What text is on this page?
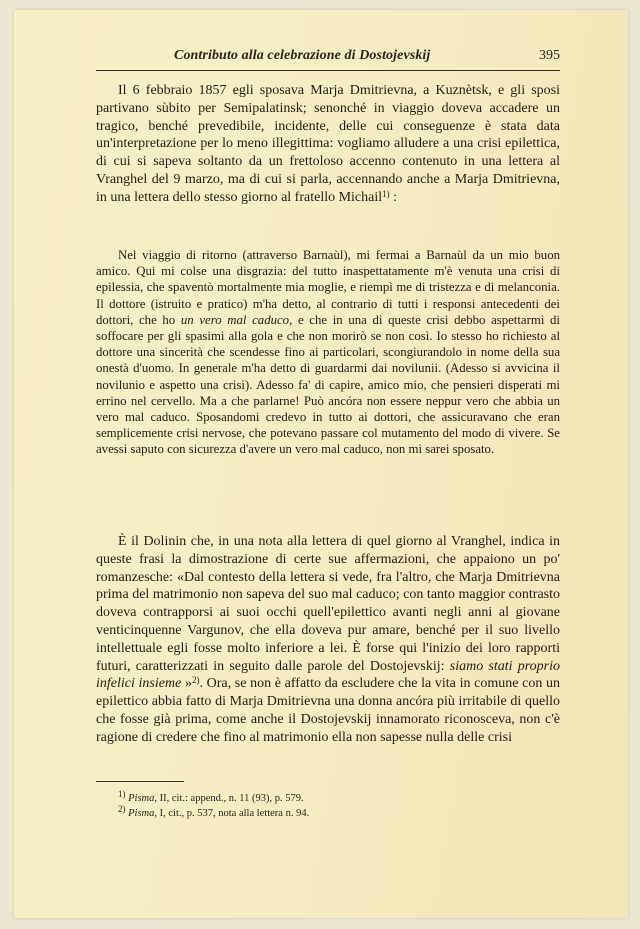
Contributo alla celebrazione di Dostojevskij	395
Il 6 febbraio 1857 egli sposava Marja Dmitrievna, a Kuznètsk, e gli sposi partivano sùbito per Semipalatinsk; senonché in viaggio doveva accadere un tragico, benché prevedibile, incidente, delle cui conseguenze è stata data un'interpretazione per lo meno illegittima: vogliamo alludere a una crisi epilettica, di cui si sapeva soltanto da un frettoloso accenno contenuto in una lettera al Vranghel del 9 marzo, ma di cui si parla, accennando anche a Marja Dmitrievna, in una lettera dello stesso giorno al fratello Michail$^{1)}$ :
Nel viaggio di ritorno (attraverso Barnaùl), mi fermai a Barnaùl da un mio buon amico. Qui mi colse una disgrazia: del tutto inaspettatamente m'è venuta una crisi di epilessia, che spaventò mortalmente mia moglie, e riempì me di tristezza e di melanconia. Il dottore (istruito e pratico) m'ha detto, al contrario di tutti i responsi antecedenti dei dottori, che ho un vero mal caduco, e che in una di queste crisi debbo aspettarmi di soffocare per gli spasimi alla gola e che non morirò se non così. Io stesso ho richiesto al dottore una sincerità che scendesse fino ai particolari, scongiurandolo in nome della sua onestà d'uomo. In generale m'ha detto di guardarmi dai novilunii. (Adesso si avvicina il novilunio e aspetto una crisi). Adesso fa' di capire, amico mio, che pensieri disperati mi errino nel cervello. Ma a che parlarne! Può ancóra non essere neppur vero che abbia un vero mal caduco. Sposandomi credevo in tutto ai dottori, che assicuravano che eran semplicemente crisi nervose, che potevano passare col mutamento del modo di vivere. Se avessi saputo con sicurezza d'avere un vero mal caduco, non mi sarei sposato.
È il Dolinin che, in una nota alla lettera di quel giorno al Vranghel, indica in queste frasi la dimostrazione di certe sue affermazioni, che appaiono un po' romanzesche: «Dal contesto della lettera si vede, fra l'altro, che Marja Dmitrievna prima del matrimonio non sapeva del suo mal caduco; con tanto maggior contrasto doveva contrapporsi ai suoi occhi quell'epilettico avanti negli anni al giovane venticinquenne Vargunov, che ella doveva pur amare, benché per il suo livello intellettuale egli fosse molto inferiore a lei. È forse qui l'inizio dei loro rapporti futuri, caratterizzati in seguito dalle parole del Dostojevskij: siamo stati proprio infelici insieme »$^{2)}$. Ora, se non è affatto da escludere che la vita in comune con un epilettico abbia fatto di Marja Dmitrievna una donna ancóra più irritabile di quello che fosse già prima, come anche il Dostojevskij innamorato riconosceva, non c'è ragione di credere che fino al matrimonio ella non sapesse nulla delle crisi
$^{1)}$ Pisma, II, cit.: append., n. 11 (93), p. 579.
$^{2)}$ Pisma, I, cit., p. 537, nota alla lettera n. 94.
